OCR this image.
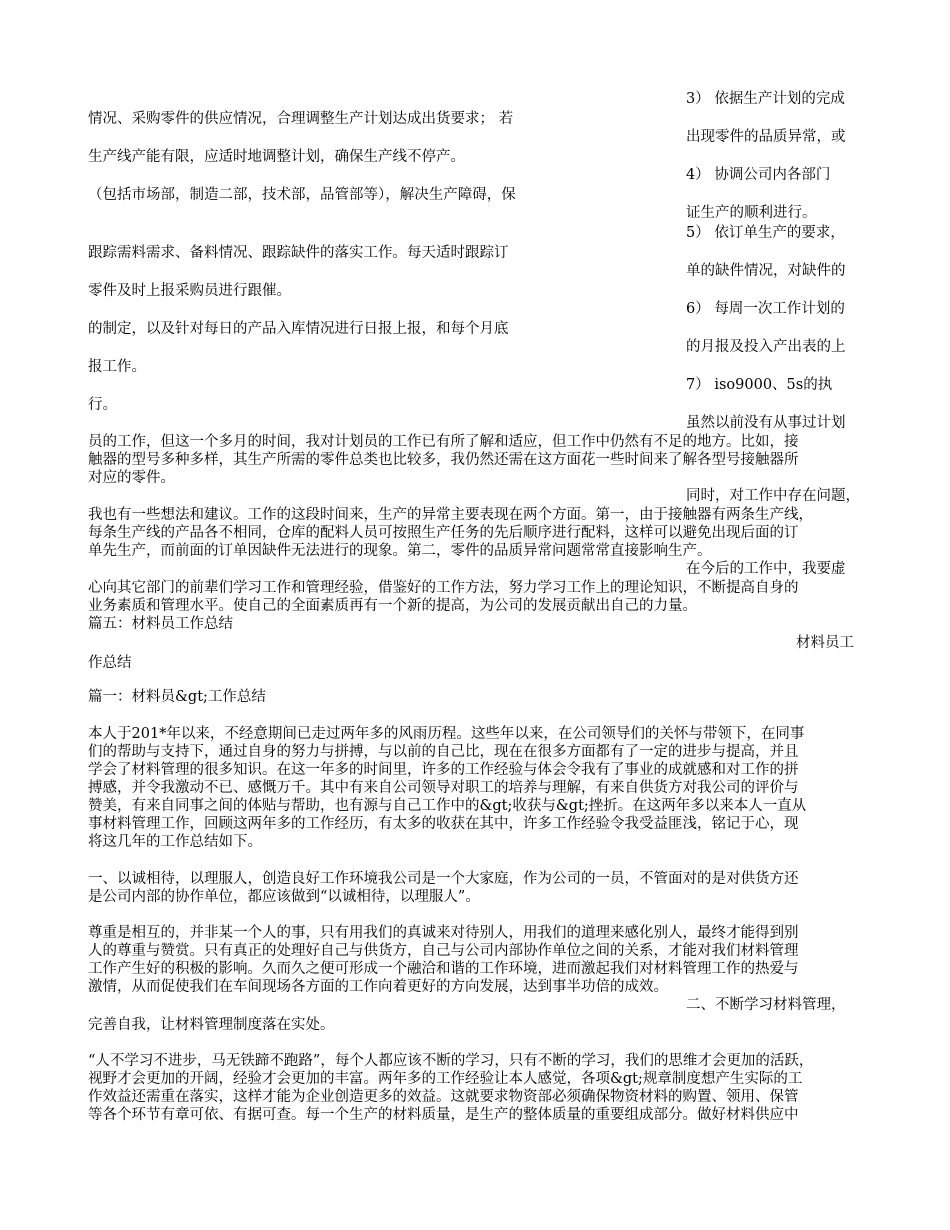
3） 依据生产计划的完成
出现零件的品质异常，或
4） 协调公司内各部门
证生产的顺利进行。
5） 依订单生产的要求，
单的缺件情况，对缺件的
6） 每周一次工作计划的
的月报及投入产出表的上
7） iso9000、5s的执
虽然以前没有从事过计划
情况、采购零件的供应情况，合理调整生产计划达成出货要求； 若
生产线产能有限，应适时地调整计划，确保生产线不停产。
（包括市场部，制造二部，技术部，品管部等），解决生产障碍，保
跟踪需料需求、备料情况、跟踪缺件的落实工作。每天适时跟踪订
零件及时上报采购员进行跟催。
的制定，以及针对每日的产品入库情况进行日报上报，和每个月底
报工作。
行。
员的工作，但这一个多月的时间，我对计划员的工作已有所了解和适应，但工作中仍然有不足的地方。比如，接
触器的型号多种多样，其生产所需的零件总类也比较多，我仍然还需在这方面花一些时间来了解各型号接触器所
对应的零件。
同时，对工作中存在问题，
我也有一些想法和建议。工作的这段时间来，生产的异常主要表现在两个方面。第一，由于接触器有两条生产线，
每条生产线的产品各不相同，仓库的配料人员可按照生产任务的先后顺序进行配料，这样可以避免出现后面的订
单先生产，而前面的订单因缺件无法进行的现象。第二，零件的品质异常问题常常直接影响生产。
在今后的工作中，我要虚
心向其它部门的前辈们学习工作和管理经验，借鉴好的工作方法，努力学习工作上的理论知识，不断提高自身的
业务素质和管理水平。使自己的全面素质再有一个新的提高，为公司的发展贡献出自己的力量。
篇五：材料员工作总结
材料员工
作总结
篇一：材料员&gt;工作总结
本人于201*年以来，不经意期间已走过两年多的风雨历程。这些年以来，在公司领导们的关怀与带领下，在同事
们的帮助与支持下，通过自身的努力与拼搏，与以前的自己比，现在在很多方面都有了一定的进步与提高，并且
学会了材料管理的很多知识。在这一年多的时间里，许多的工作经验与体会令我有了事业的成就感和对工作的拼
搏感，并令我激动不已、感慨万千。其中有来自公司领导对职工的培养与理解，有来自供货方对我公司的评价与
赞美，有来自同事之间的体贴与帮助，也有源与自己工作中的&gt;收获与&gt;挫折。在这两年多以来本人一直从
事材料管理工作，回顾这两年多的工作经历，有太多的收获在其中，许多工作经验令我受益匪浅，铭记于心，现
将这几年的工作总结如下。
一、以诚相待，以理服人，创造良好工作环境我公司是一个大家庭，作为公司的一员，不管面对的是对供货方还
是公司内部的协作单位，都应该做到“以诚相待，以理服人”。
尊重是相互的，并非某一个人的事，只有用我们的真诚来对待别人，用我们的道理来感化别人，最终才能得到别
人的尊重与赞赏。只有真正的处理好自己与供货方，自己与公司内部协作单位之间的关系，才能对我们材料管理
工作产生好的积极的影响。久而久之便可形成一个融洽和谐的工作环境，进而激起我们对材料管理工作的热爱与
激情，从而促使我们在车间现场各方面的工作向着更好的方向发展，达到事半功倍的成效。
二、不断学习材料管理，
完善自我，让材料管理制度落在实处。
“人不学习不进步，马无铁蹄不跑路”，每个人都应该不断的学习，只有不断的学习，我们的思维才会更加的活跃，
视野才会更加的开阔，经验才会更加的丰富。两年多的工作经验让本人感觉，各项&gt;规章制度想产生实际的工
作效益还需重在落实，这样才能为企业创造更多的效益。这就要求物资部必须确保物资材料的购置、领用、保管
等各个环节有章可依、有据可查。每一个生产的材料质量，是生产的整体质量的重要组成部分。做好材料供应中
